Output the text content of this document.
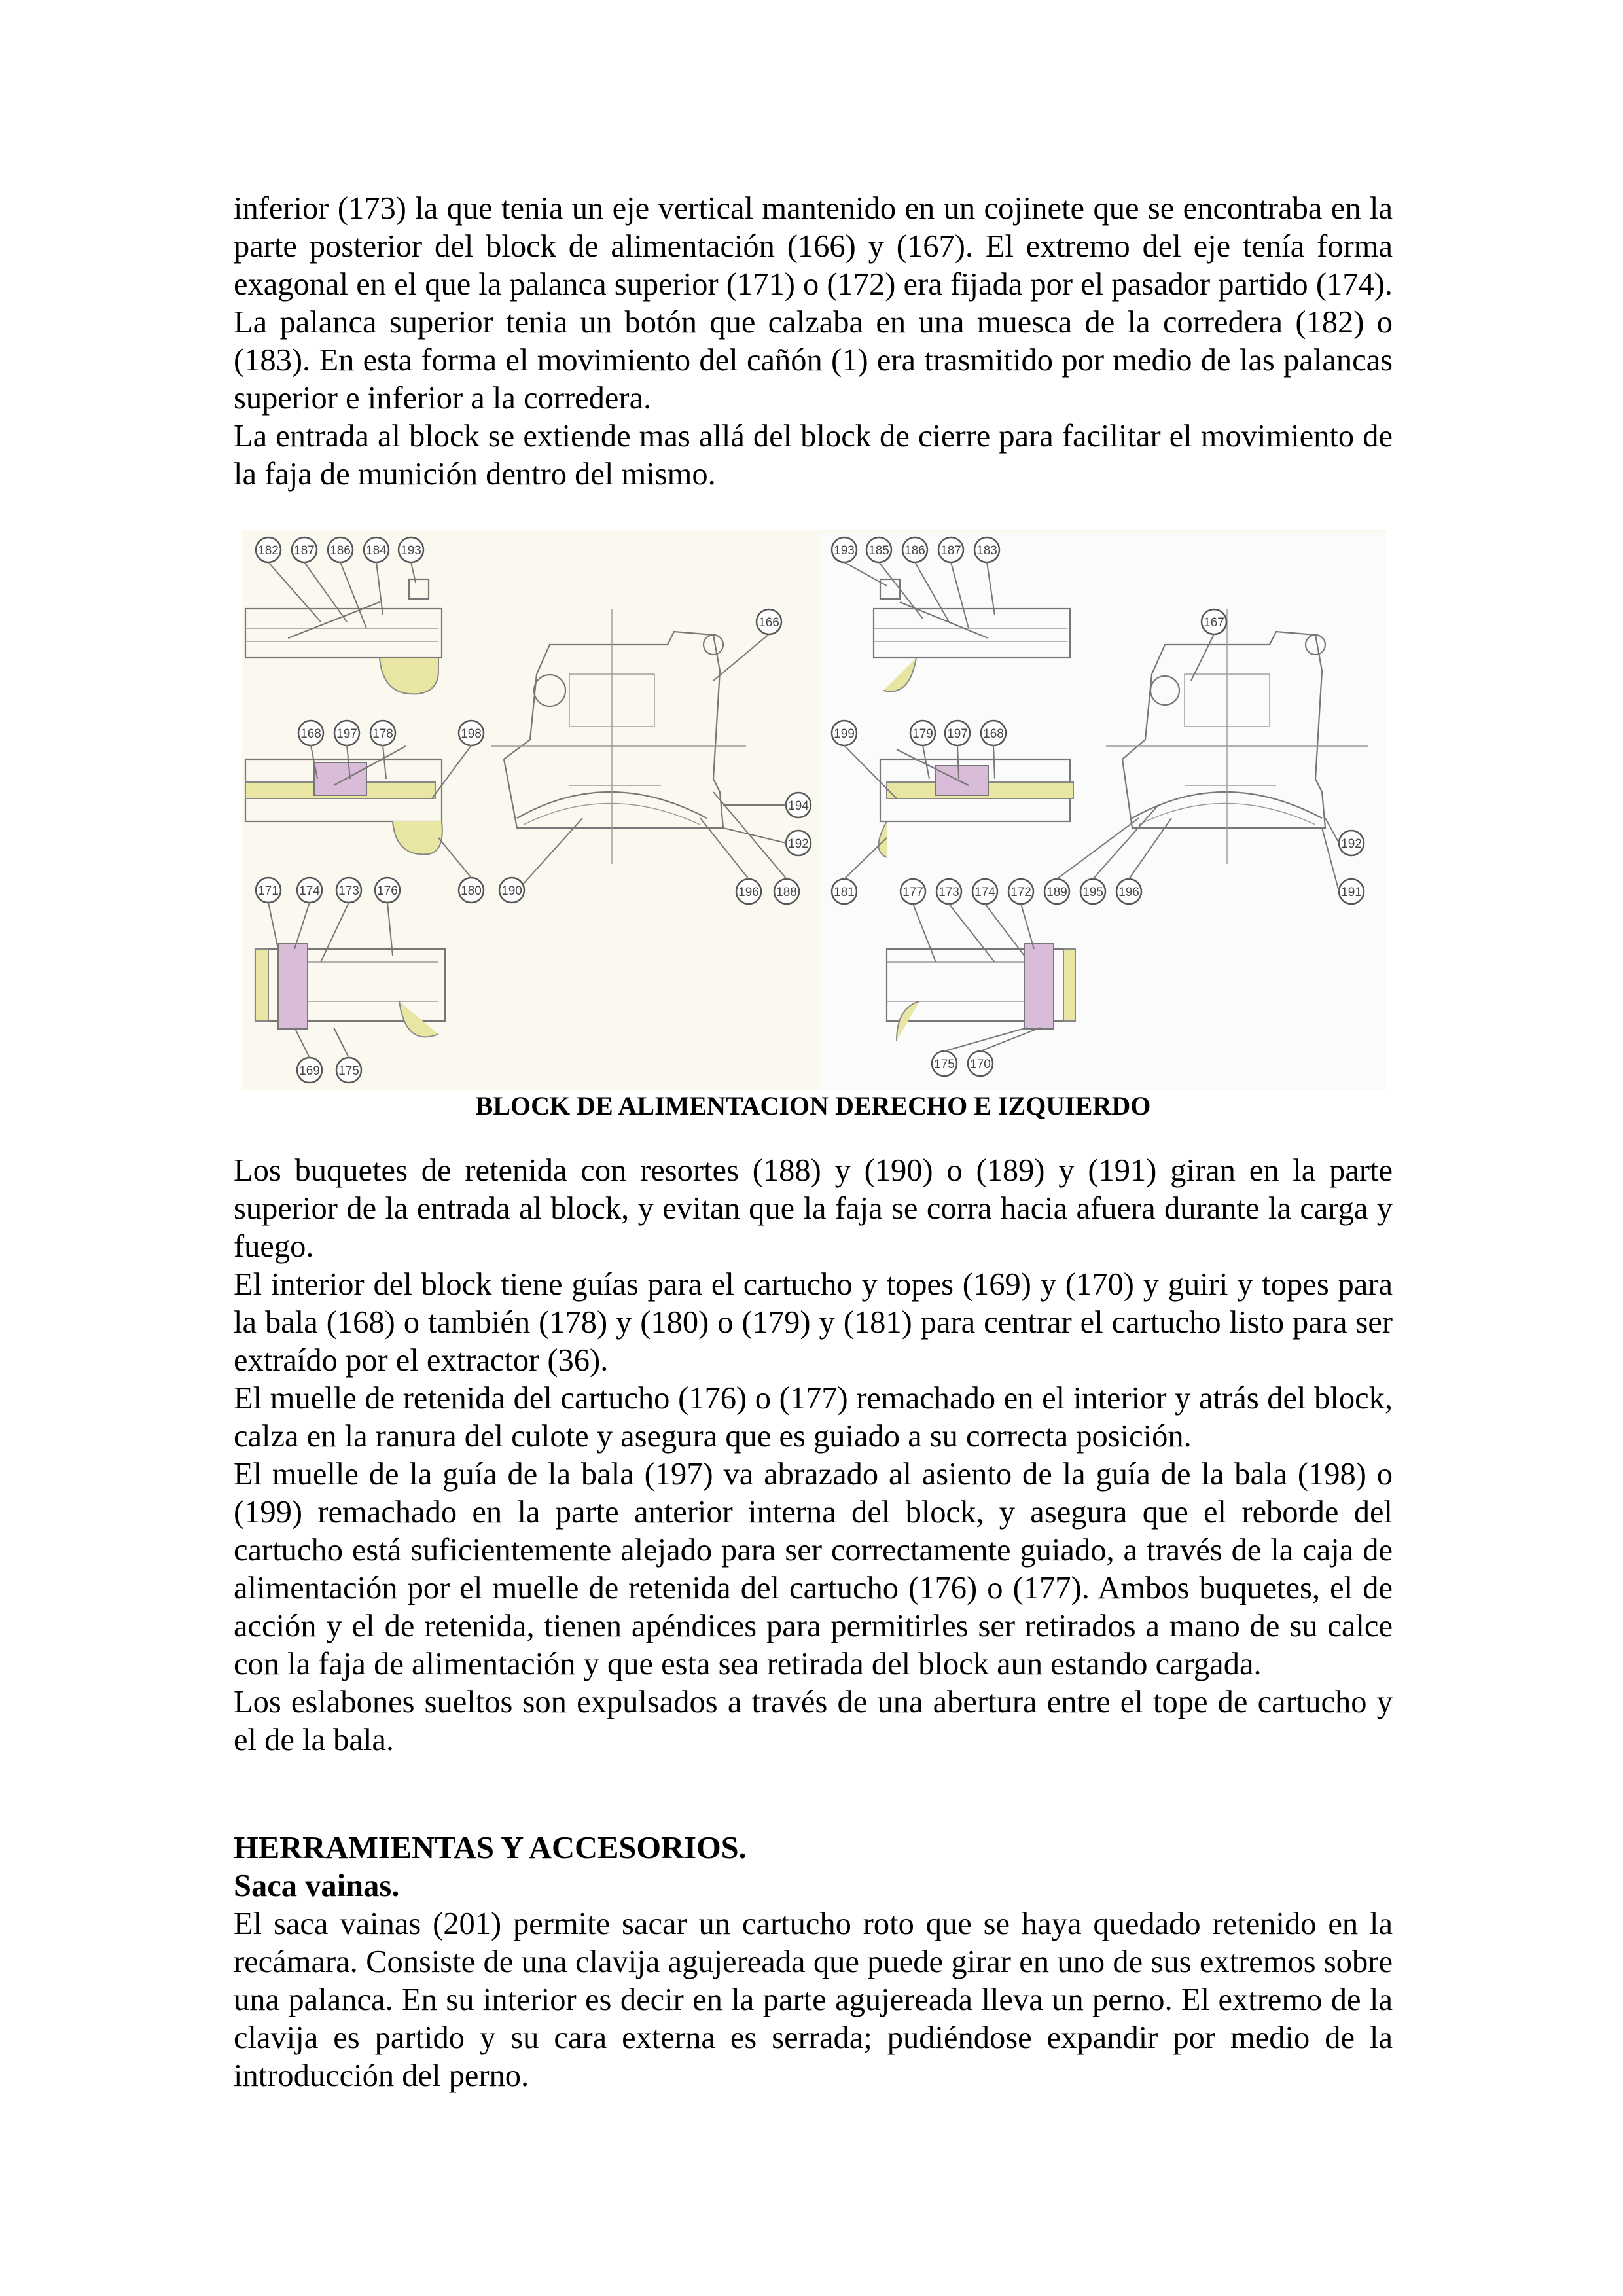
inferior (173) la que tenia un eje vertical mantenido en un cojinete que se encontraba en la parte posterior del block de alimentación (166) y (167). El extremo del eje tenía forma exagonal en el que la palanca superior (171) o (172) era fijada por el pasador partido (174). La palanca superior tenia un botón que calzaba en una muesca de la corredera (182) o (183). En esta forma el movimiento del cañón (1) era trasmitido por medio de las palancas superior e inferior a la corredera.

La entrada al block se extiende mas allá del block de cierre para facilitar el movimiento de la faja de munición dentro del mismo.

182 187 186 184 193
166
168 197 178	198
194
192
171 174 173 176	180 190	196 188
169 175
193 185 186 187 183
167
199	179 197 168
181	177 173 174 172 189 195 196
192
191
175 170
BLOCK DE ALIMENTACION DERECHO E IZQUIERDO

Los buquetes de retenida con resortes (188) y (190) o (189) y (191) giran en la parte superior de la entrada al block, y evitan que la faja se corra hacia afuera durante la carga y fuego.

El interior del block tiene guías para el cartucho y topes (169) y (170) y guiri y topes para la bala (168) o también (178) y (180) o (179) y (181) para centrar el cartucho listo para ser extraído por el extractor (36).

El muelle de retenida del cartucho (176) o (177) remachado en el interior y atrás del block, calza en la ranura del culote y asegura que es guiado a su correcta posición.

El muelle de la guía de la bala (197) va abrazado al asiento de la guía de la bala (198) o (199) remachado en la parte anterior interna del block, y asegura que el reborde del cartucho está suficientemente alejado para ser correctamente guiado, a través de la caja de alimentación por el muelle de retenida del cartucho (176) o (177). Ambos buquetes, el de acción y el de retenida, tienen apéndices para permitirles ser retirados a mano de su calce con la faja de alimentación y que esta sea retirada del block aun estando cargada.

Los eslabones sueltos son expulsados a través de una abertura entre el tope de cartucho y el de la bala.

HERRAMIENTAS Y ACCESORIOS.
Saca vainas.

El saca vainas (201) permite sacar un cartucho roto que se haya quedado retenido en la recámara. Consiste de una clavija agujereada que puede girar en uno de sus extremos sobre una palanca. En su interior es decir en la parte agujereada lleva un perno. El extremo de la clavija es partido y su cara externa es serrada; pudiéndose expandir por medio de la introducción del perno.
